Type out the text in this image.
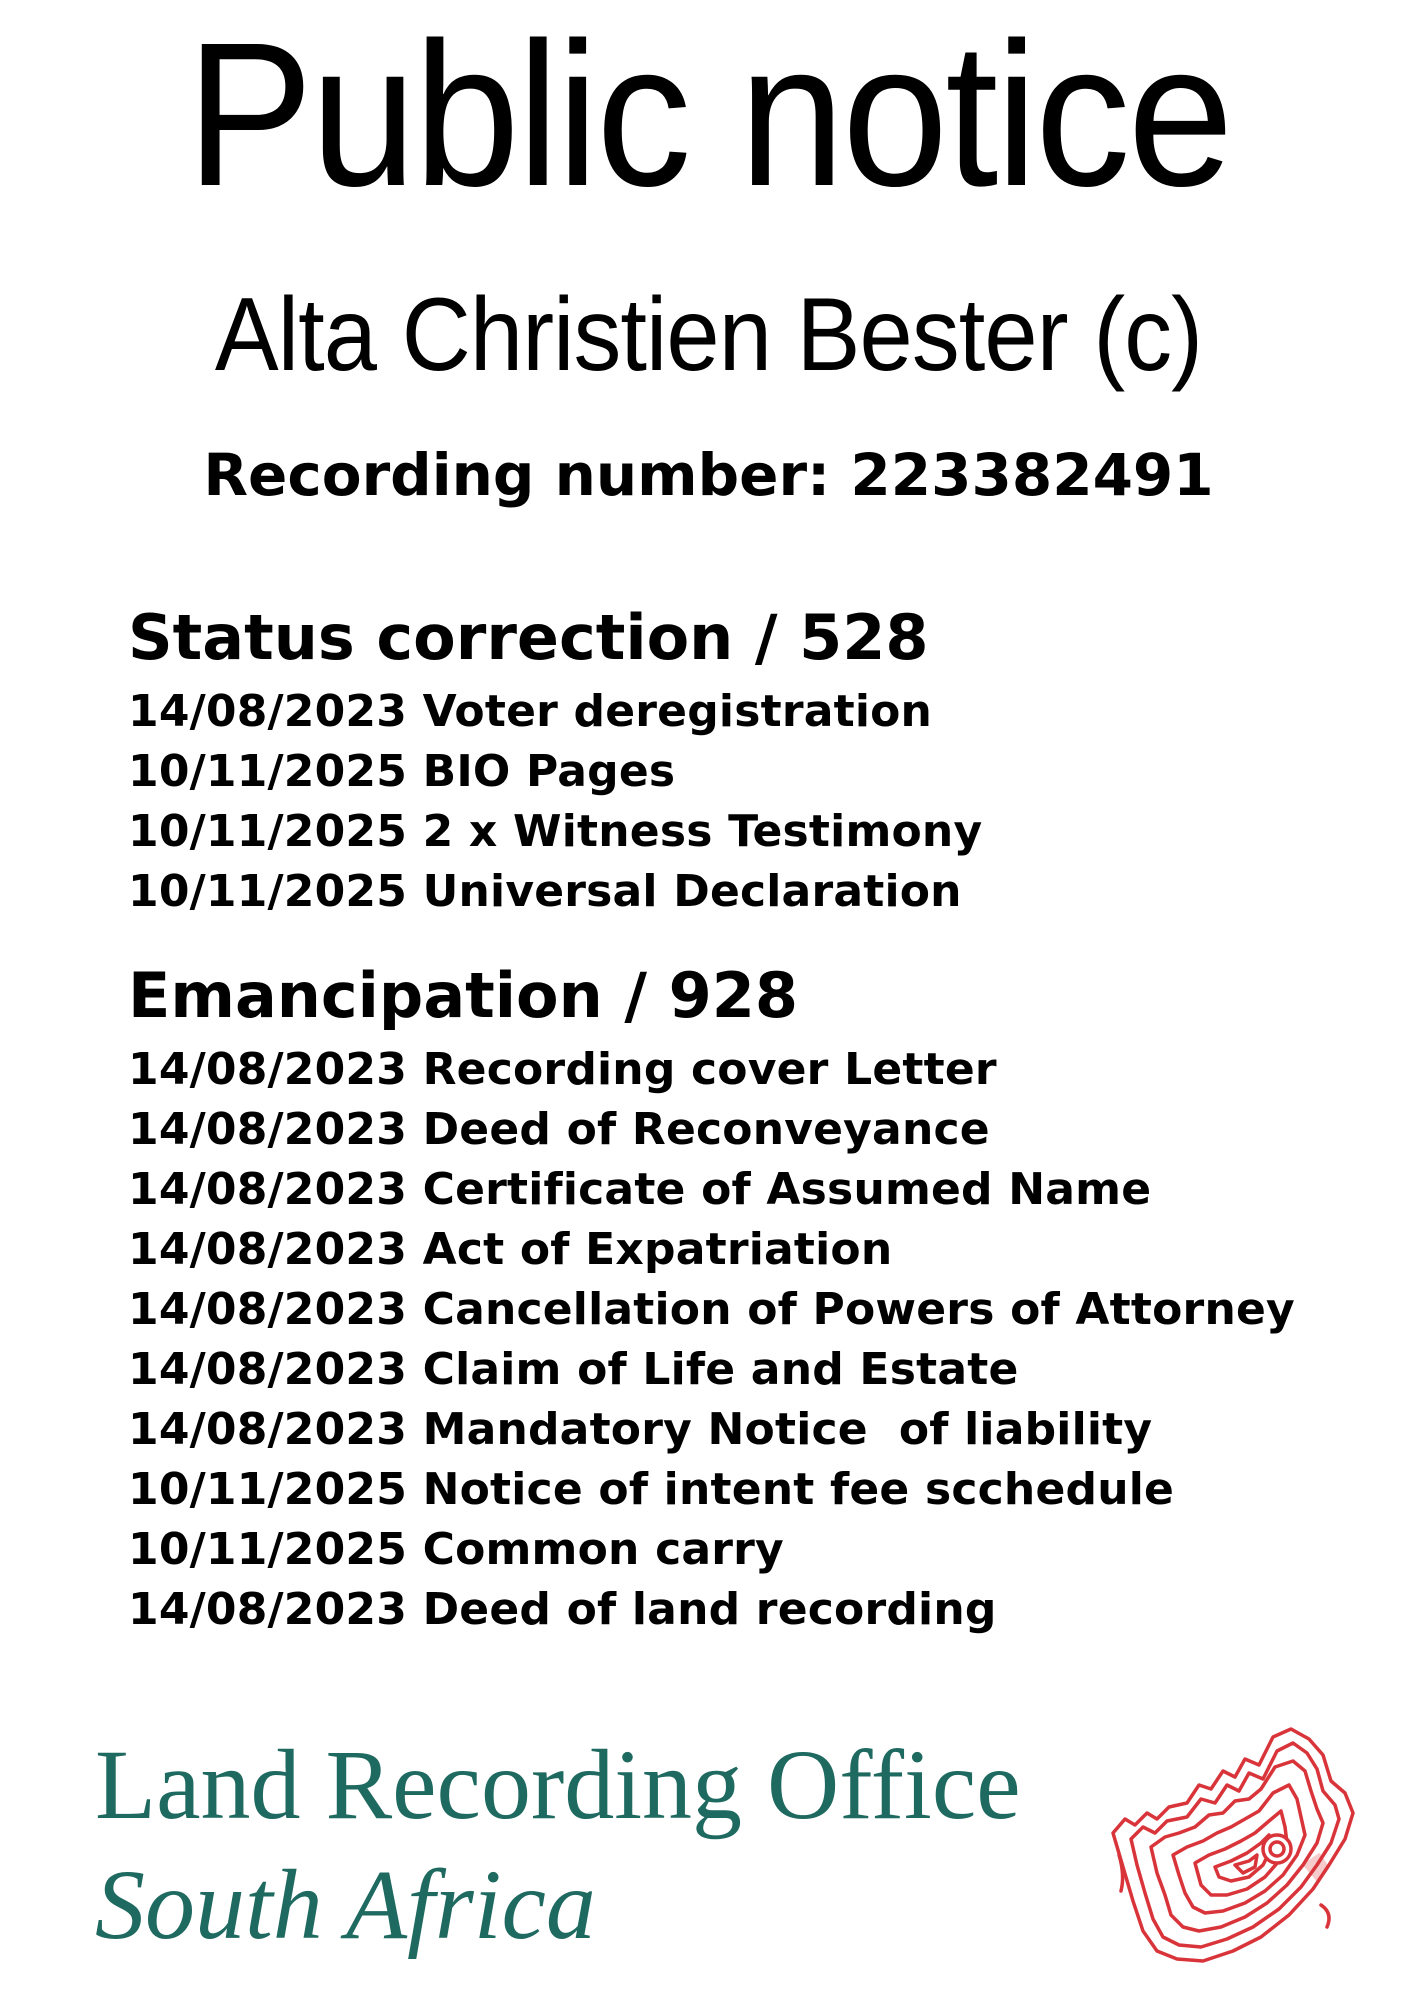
Public notice
Alta Christien Bester (c)
Recording number: 223382491
Status correction / 528
14/08/2023 Voter deregistration
10/11/2025 BIO Pages
10/11/2025 2 x Witness Testimony
10/11/2025 Universal Declaration
Emancipation / 928
14/08/2023 Recording cover Letter
14/08/2023 Deed of Reconveyance
14/08/2023 Certificate of Assumed Name
14/08/2023 Act of Expatriation
14/08/2023 Cancellation of Powers of Attorney
14/08/2023 Claim of Life and Estate
14/08/2023 Mandatory Notice  of liability
10/11/2025 Notice of intent fee scchedule
10/11/2025 Common carry
14/08/2023 Deed of land recording

Land Recording Office

South Africa
